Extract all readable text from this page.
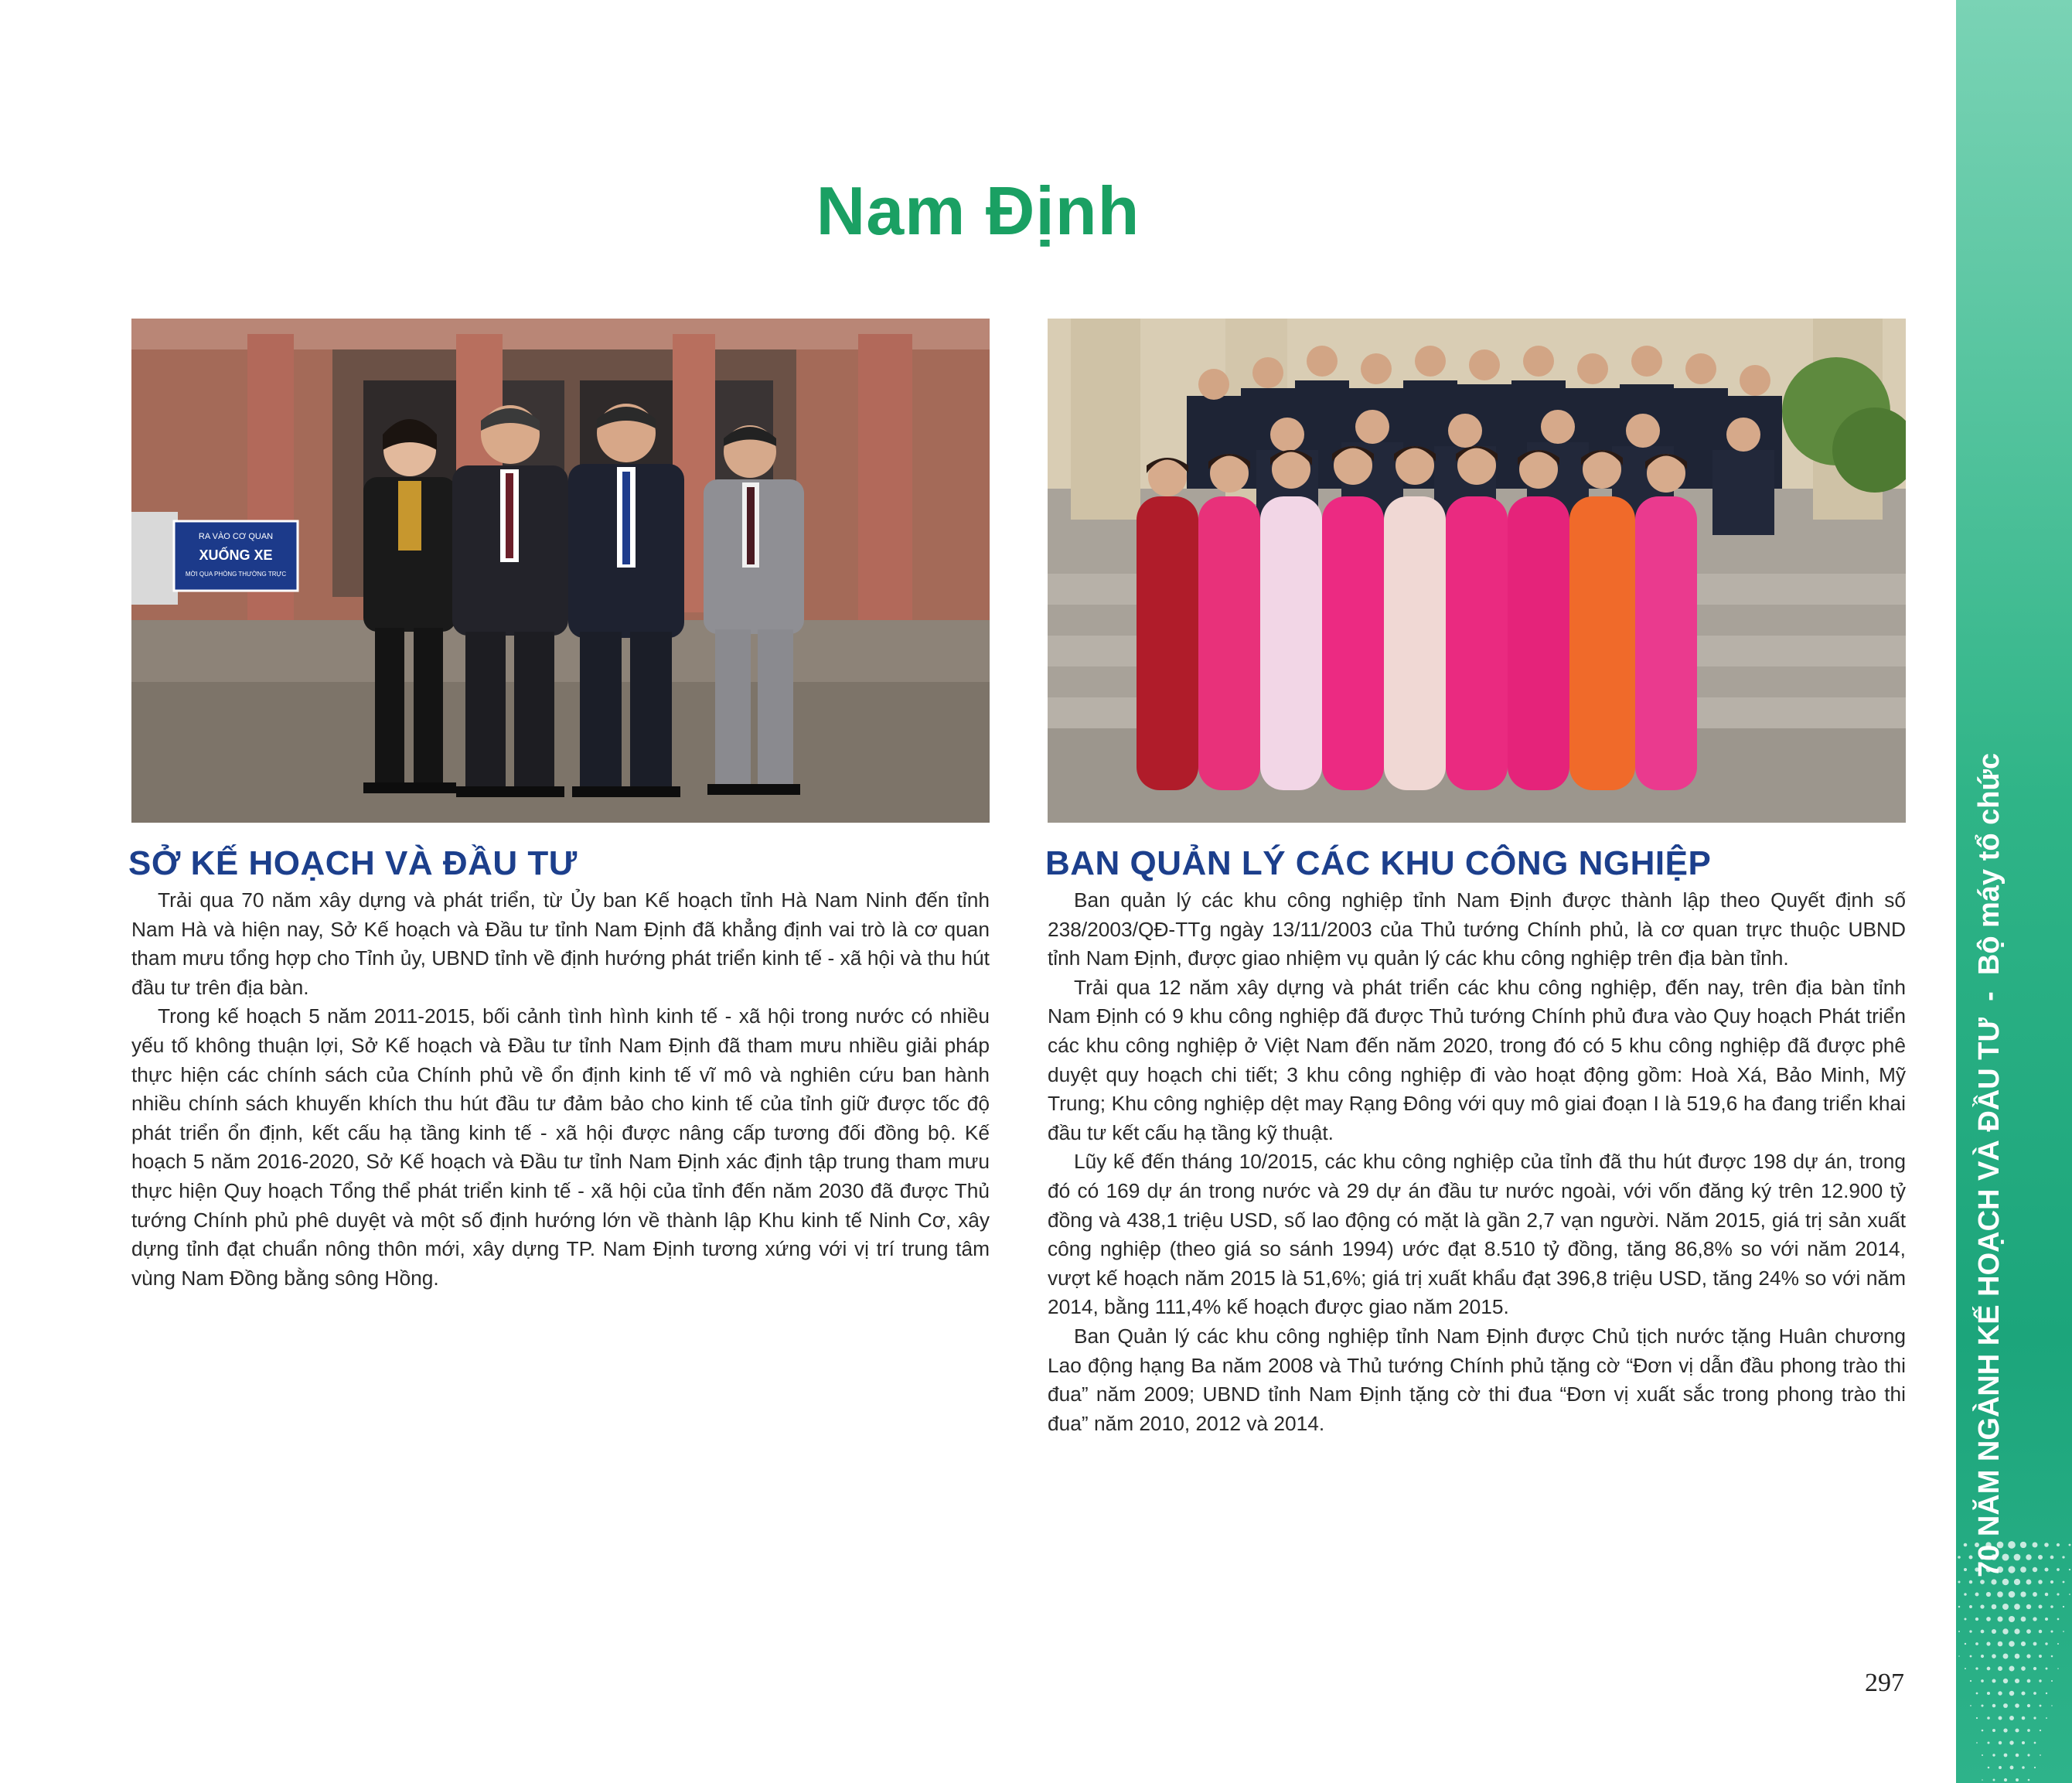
Nam Định
RA VÀO CƠ QUAN
XUỐNG XE
MỜI QUA PHÒNG THƯỜNG TRỰC
SỞ KẾ HOẠCH VÀ ĐẦU TƯ

Trải qua 70 năm xây dựng và phát triển, từ Ủy ban Kế hoạch tỉnh Hà Nam Ninh đến tỉnh Nam Hà và hiện nay, Sở Kế hoạch và Đầu tư tỉnh Nam Định đã khẳng định vai trò là cơ quan tham mưu tổng hợp cho Tỉnh ủy, UBND tỉnh về định hướng phát triển kinh tế - xã hội và thu hút đầu tư trên địa bàn.

Trong kế hoạch 5 năm 2011-2015, bối cảnh tình hình kinh tế - xã hội trong nước có nhiều yếu tố không thuận lợi, Sở Kế hoạch và Đầu tư tỉnh Nam Định đã tham mưu nhiều giải pháp thực hiện các chính sách của Chính phủ về ổn định kinh tế vĩ mô và nghiên cứu ban hành nhiều chính sách khuyến khích thu hút đầu tư đảm bảo cho kinh tế của tỉnh giữ được tốc độ phát triển ổn định, kết cấu hạ tầng kinh tế - xã hội được nâng cấp tương đối đồng bộ. Kế hoạch 5 năm 2016-2020, Sở Kế hoạch và Đầu tư tỉnh Nam Định xác định tập trung tham mưu thực hiện Quy hoạch Tổng thể phát triển kinh tế - xã hội của tỉnh đến năm 2030 đã được Thủ tướng Chính phủ phê duyệt và một số định hướng lớn về thành lập Khu kinh tế Ninh Cơ, xây dựng tỉnh đạt chuẩn nông thôn mới, xây dựng TP. Nam Định tương xứng với vị trí trung tâm vùng Nam Đồng bằng sông Hồng.

BAN QUẢN LÝ CÁC KHU CÔNG NGHIỆP

Ban quản lý các khu công nghiệp tỉnh Nam Định được thành lập theo Quyết định số 238/2003/QĐ-TTg ngày 13/11/2003 của Thủ tướng Chính phủ, là cơ quan trực thuộc UBND tỉnh Nam Định, được giao nhiệm vụ quản lý các khu công nghiệp trên địa bàn tỉnh.

Trải qua 12 năm xây dựng và phát triển các khu công nghiệp, đến nay, trên địa bàn tỉnh Nam Định có 9 khu công nghiệp đã được Thủ tướng Chính phủ đưa vào Quy hoạch Phát triển các khu công nghiệp ở Việt Nam đến năm 2020, trong đó có 5 khu công nghiệp đã được phê duyệt quy hoạch chi tiết; 3 khu công nghiệp đi vào hoạt động gồm: Hoà Xá, Bảo Minh, Mỹ Trung; Khu công nghiệp dệt may Rạng Đông với quy mô giai đoạn I là 519,6 ha đang triển khai đầu tư kết cấu hạ tầng kỹ thuật.

Lũy kế đến tháng 10/2015, các khu công nghiệp của tỉnh đã thu hút được 198 dự án, trong đó có 169 dự án trong nước và 29 dự án đầu tư nước ngoài, với vốn đăng ký trên 12.900 tỷ đồng và 438,1 triệu USD, số lao động có mặt là gần 2,7 vạn người. Năm 2015, giá trị sản xuất công nghiệp (theo giá so sánh 1994) ước đạt 8.510 tỷ đồng, tăng 86,8% so với năm 2014, vượt kế hoạch năm 2015 là 51,6%; giá trị xuất khẩu đạt 396,8 triệu USD, tăng 24% so với năm 2014, bằng 111,4% kế hoạch được giao năm 2015.

Ban Quản lý các khu công nghiệp tỉnh Nam Định được Chủ tịch nước tặng Huân chương Lao động hạng Ba năm 2008 và Thủ tướng Chính phủ tặng cờ “Đơn vị dẫn đầu phong trào thi đua” năm 2009; UBND tỉnh Nam Định tặng cờ thi đua “Đơn vị xuất sắc trong phong trào thi đua” năm 2010, 2012 và 2014.

297
70 NĂM NGÀNH KẾ HOẠCH VÀ ĐẦU TƯ  -  Bộ máy tổ chức
